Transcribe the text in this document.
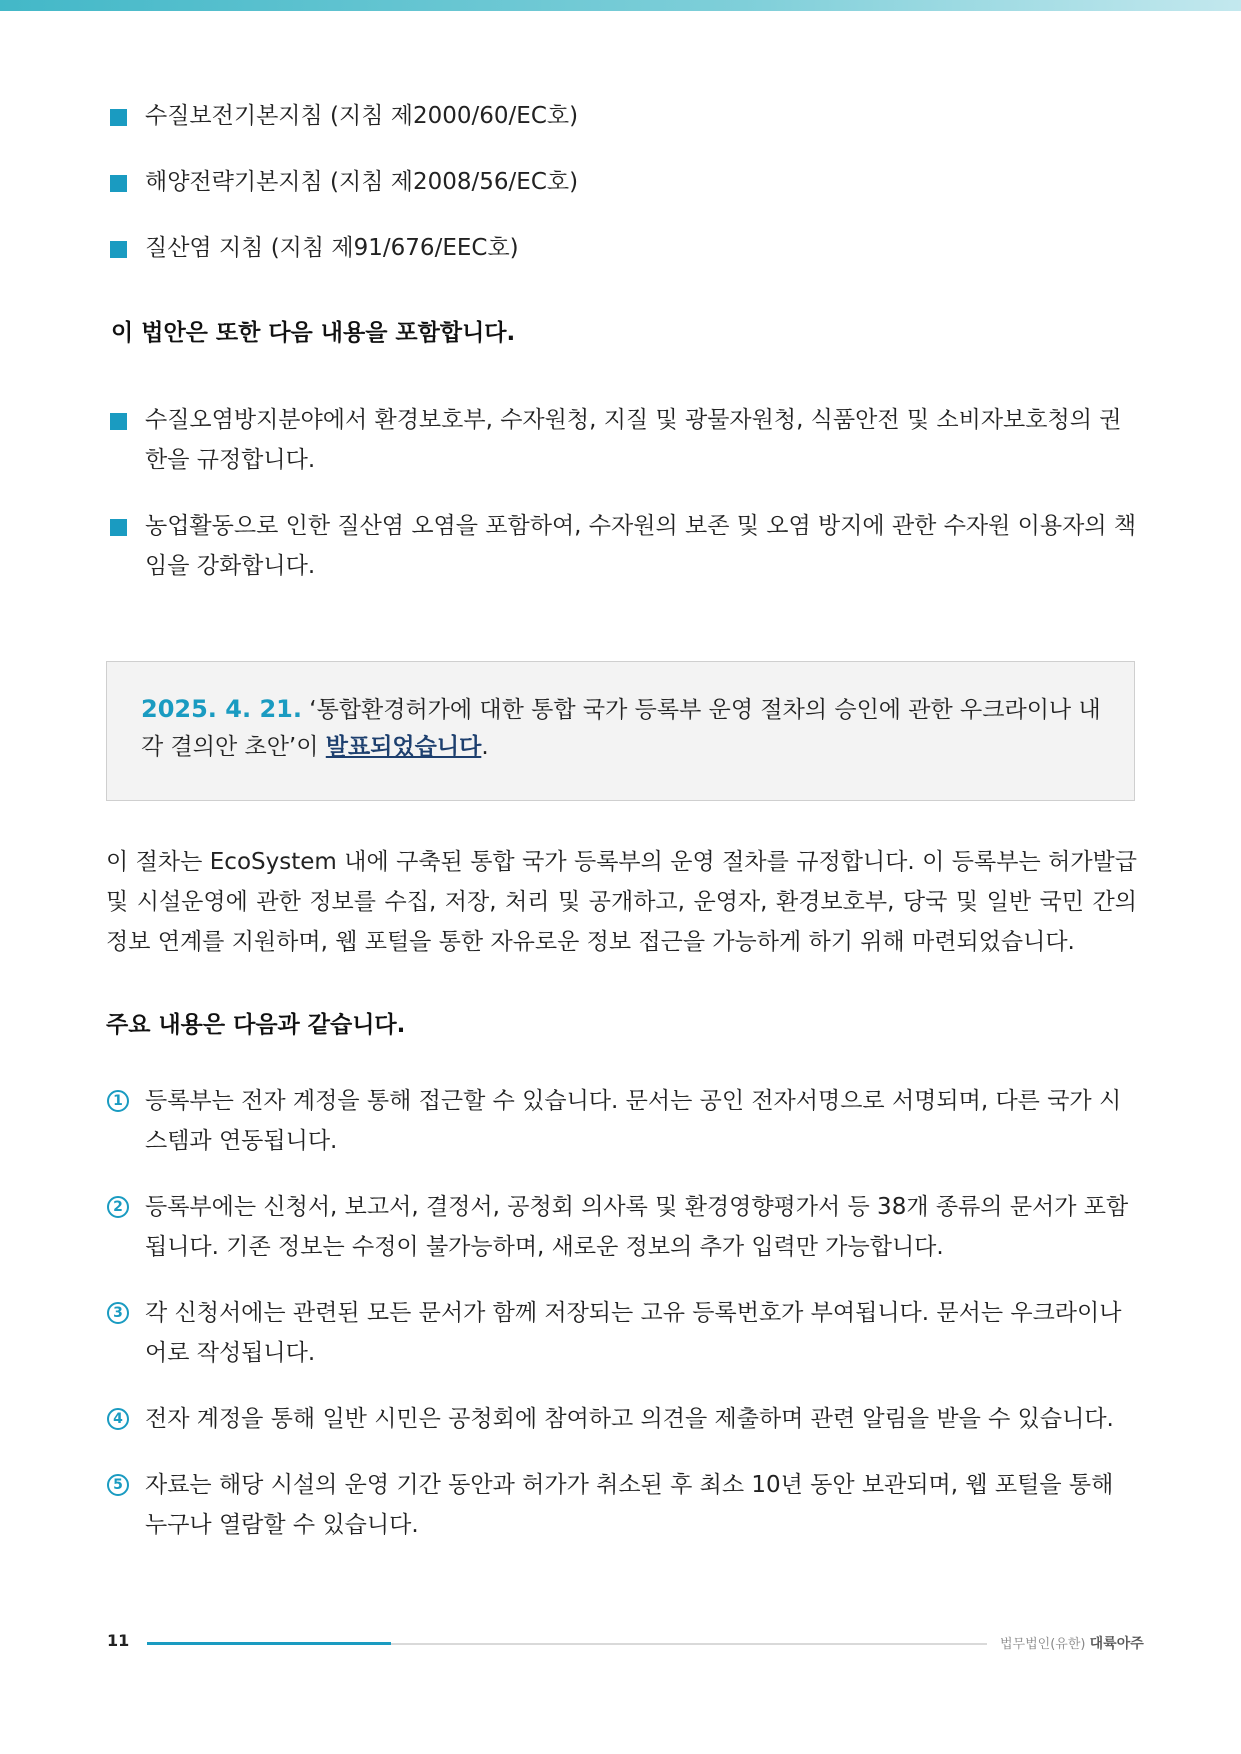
수질보전기본지침 (지침 제2000/60/EC호)
해양전략기본지침 (지침 제2008/56/EC호)
질산염 지침 (지침 제91/676/EEC호)
이 법안은 또한 다음 내용을 포함합니다.
수질오염방지분야에서 환경보호부, 수자원청, 지질 및 광물자원청, 식품안전 및 소비자보호청의 권한을 규정합니다.
농업활동으로 인한 질산염 오염을 포함하여, 수자원의 보존 및 오염 방지에 관한 수자원 이용자의 책임을 강화합니다.
2025. 4. 21. ‘통합환경허가에 대한 통합 국가 등록부 운영 절차의 승인에 관한 우크라이나 내각 결의안 초안’이 발표되었습니다.
이 절차는 EcoSystem 내에 구축된 통합 국가 등록부의 운영 절차를 규정합니다. 이 등록부는 허가발급 및 시설운영에 관한 정보를 수집, 저장, 처리 및 공개하고, 운영자, 환경보호부, 당국 및 일반 국민 간의 정보 연계를 지원하며, 웹 포털을 통한 자유로운 정보 접근을 가능하게 하기 위해 마련되었습니다.
주요 내용은 다음과 같습니다.
1 등록부는 전자 계정을 통해 접근할 수 있습니다. 문서는 공인 전자서명으로 서명되며, 다른 국가 시스템과 연동됩니다.
2 등록부에는 신청서, 보고서, 결정서, 공청회 의사록 및 환경영향평가서 등 38개 종류의 문서가 포함됩니다. 기존 정보는 수정이 불가능하며, 새로운 정보의 추가 입력만 가능합니다.
3 각 신청서에는 관련된 모든 문서가 함께 저장되는 고유 등록번호가 부여됩니다. 문서는 우크라이나어로 작성됩니다.
4 전자 계정을 통해 일반 시민은 공청회에 참여하고 의견을 제출하며 관련 알림을 받을 수 있습니다.
5 자료는 해당 시설의 운영 기간 동안과 허가가 취소된 후 최소 10년 동안 보관되며, 웹 포털을 통해 누구나 열람할 수 있습니다.
11	법무법인(유한) 대륙아주
